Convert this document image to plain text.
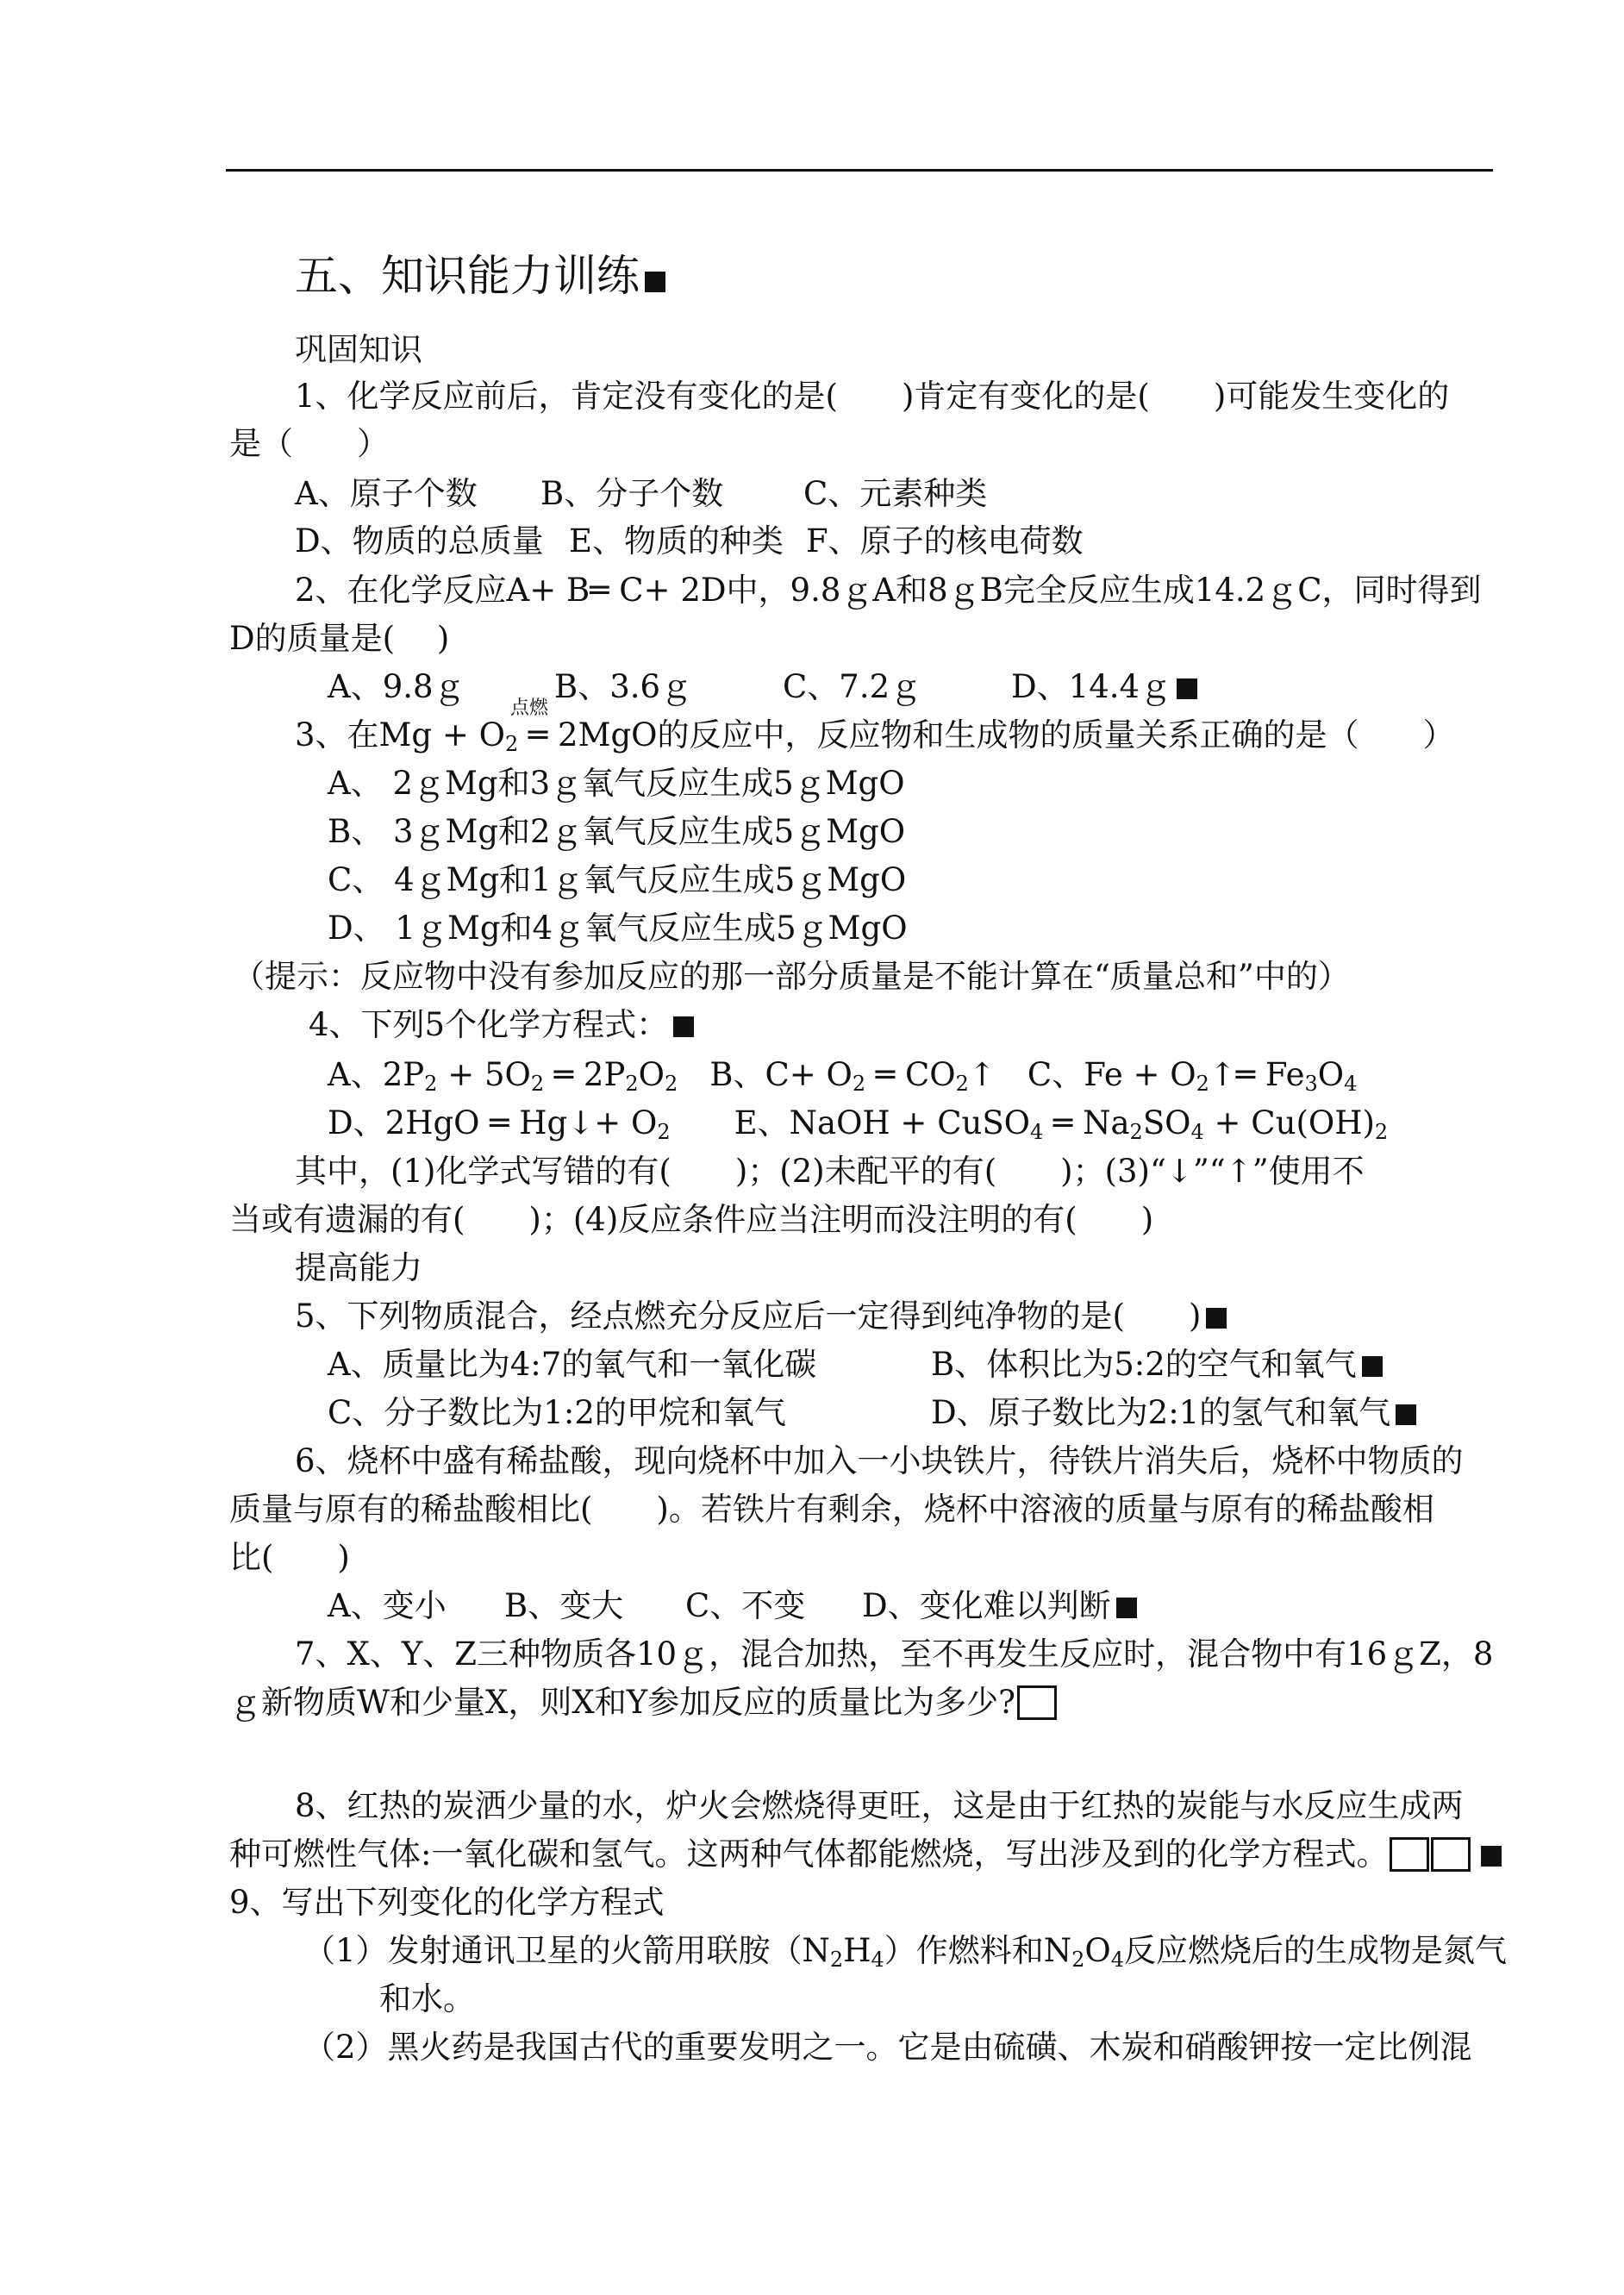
五、知识能力训练
巩固知识
1、化学反应前后，肯定没有变化的是(　　)肯定有变化的是(　　)可能发生变化的
是（　　）
A、原子个数 B、分子个数	C、元素种类
D、物质的总质量 E、物质的种类 F、原子的核电荷数
2、在化学反应A+ B═ C+ 2D中，9.8ｇA和8ｇB完全反应生成14.2ｇC，同时得到
D的质量是(　 )
A、9.8ｇ	B、3.6ｇ	C、7.2ｇ	D、14.4ｇ
点燃
3、在$Mg + O_2$ ═ 2MgO的反应中，反应物和生成物的质量关系正确的是（　　）
A、 2ｇMg和3ｇ氧气反应生成5ｇMgO
B、 3ｇMg和2ｇ氧气反应生成5ｇMgO
C、 4ｇMg和1ｇ氧气反应生成5ｇMgO
D、 1ｇMg和4ｇ氧气反应生成5ｇMgO
（提示：反应物中没有参加反应的那一部分质量是不能计算在“质量总和”中的）
4、下列5个化学方程式：
A、$2P_2 + 5O_2$ ═ $2P_2O_2$　B、$C+ O_2$ ═ $CO_2↑$　C、$Fe + O_2↑═$ $Fe_3O_4$
D、2HgO ═ Hg↓+ $O_2$　　E、NaOH + CuSO$_4$ ═ $Na_2SO_4 + Cu(OH)_2$
其中，(1)化学式写错的有(　　)；(2)未配平的有(　　)；(3)“↓”“↑”使用不
当或有遗漏的有(　　)；(4)反应条件应当注明而没注明的有(　　)
提高能力
5、下列物质混合，经点燃充分反应后一定得到纯净物的是(　　)
A、质量比为4:7的氧气和一氧化碳	B、体积比为5:2的空气和氧气
C、分子数比为1:2的甲烷和氧气	D、原子数比为2:1的氢气和氧气
6、烧杯中盛有稀盐酸，现向烧杯中加入一小块铁片，待铁片消失后，烧杯中物质的
质量与原有的稀盐酸相比(　　)。若铁片有剩余，烧杯中溶液的质量与原有的稀盐酸相
比(　　)
A、变小 B、变大 C、不变 D、变化难以判断
7、X、Y、Z三种物质各10ｇ，混合加热，至不再发生反应时，混合物中有16ｇZ，8
ｇ新物质W和少量X，则X和Y参加反应的质量比为多少?
8、红热的炭洒少量的水，炉火会燃烧得更旺，这是由于红热的炭能与水反应生成两
种可燃性气体:一氧化碳和氢气。这两种气体都能燃烧，写出涉及到的化学方程式。
9、写出下列变化的化学方程式
（1）发射通讯卫星的火箭用联胺$(N_2H_4)$作燃料和$N_2O_4$反应燃烧后的生成物是氮气
和水。
（2）黑火药是我国古代的重要发明之一。它是由硫磺、木炭和硝酸钾按一定比例混
